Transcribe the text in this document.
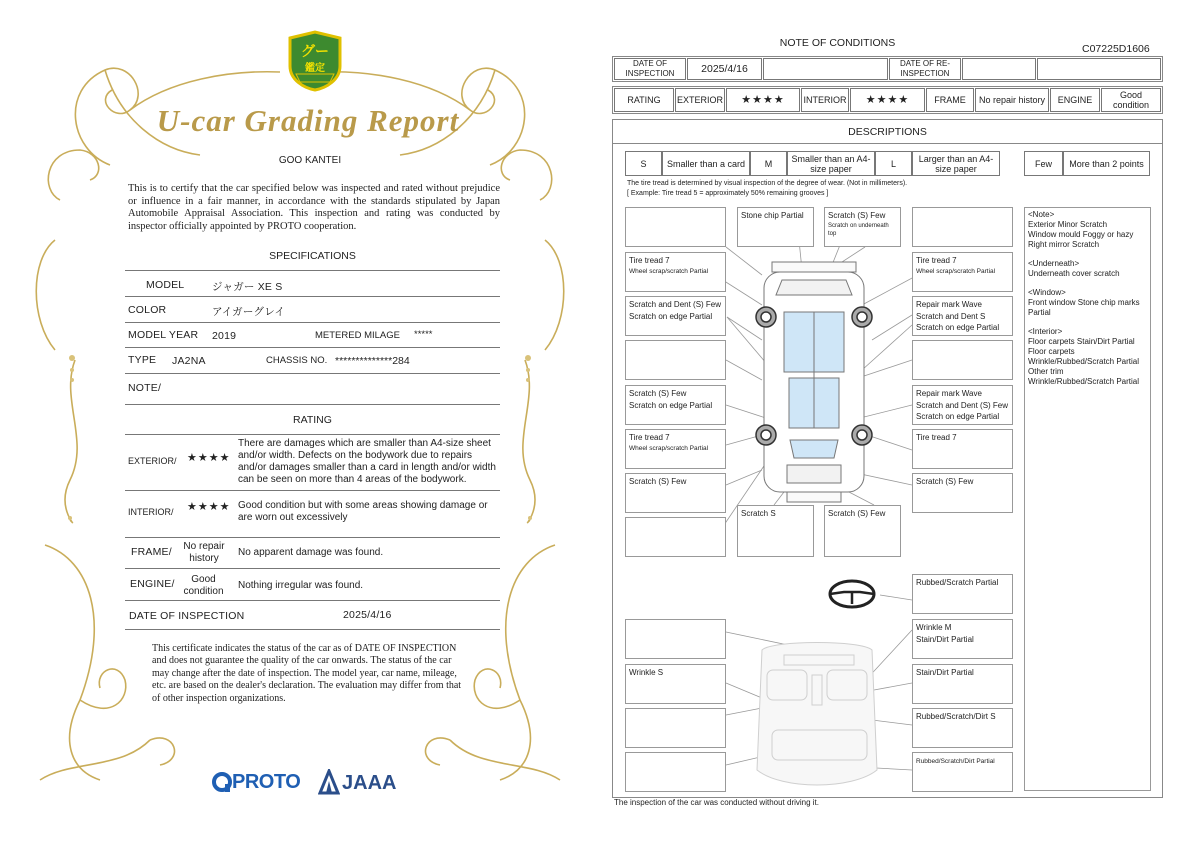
グー
鑑定
U-car Grading Report
GOO KANTEI
This is to certify that the car specified below was inspected and rated without prejudice or influence in a fair manner, in accordance with the standards stipulated by Japan Automobile Appraisal Association. This inspection and rating was conducted by inspector officially appointed by PROTO cooperation.
SPECIFICATIONS
MODEL	ジャガー XE S
COLOR	アイガーグレイ
MODEL YEAR 2019	METERED MILAGE *****
TYPE JA2NA	CHASSIS NO. **************284
NOTE/
RATING
EXTERIOR/ ★★★★
There are damages which are smaller than A4-size sheet and/or width. Defects on the bodywork due to repairs and/or damages smaller than a card in length and/or width can be seen on more than 4 areas of the bodywork.
INTERIOR/ ★★★★ Good condition but with some areas showing damage or are worn out excessively
FRAME/	No repair history
No apparent damage was found.
ENGINE/	Good condition
Nothing irregular was found.
DATE OF INSPECTION	2025/4/16
This certificate indicates the status of the car as of DATE OF INSPECTION and does not guarantee the quality of the car onwards. The status of the car may change after the date of inspection. The model year, car name, mileage, etc. are based on the dealer's declaration. The evaluation may differ from that of other inspection organizations.
PROTO JAAA
NOTE OF CONDITIONS	C07225D1606
DATE OF INSPECTION	2025/4/16	DATE OF RE-INSPECTION
RATING	EXTERIOR	★★★★	INTERIOR	★★★★	FRAME	No repair history	ENGINE	Good condition
DESCRIPTIONS
S	Smaller than a card	M	Smaller than an A4-size paper	L	Larger than an A4-size paper	Few	More than 2 points
The tire tread is determined by visual inspection of the degree of wear. (Not in millimeters).
[ Example: Tire tread 5 = approximately 50% remaining grooves ]
<Note>
Exterior Minor Scratch
Window mould Foggy or hazy
Right mirror Scratch
<Underneath>
Underneath cover scratch
<Window>
Front window Stone chip marks Partial
<Interior>
Floor carpets Stain/Dirt Partial
Floor carpets Wrinkle/Rubbed/Scratch Partial
Other trim Wrinkle/Rubbed/Scratch Partial
Stone chip Partial	Scratch (S) Few
Scratch on underneath top
Tire tread 7
Wheel scrap/scratch Partial
Tire tread 7
Wheel scrap/scratch Partial
Scratch and Dent (S) Few
Scratch on edge Partial
Repair mark Wave
Scratch and Dent S
Scratch on edge Partial
Scratch (S) Few
Scratch on edge Partial
Repair mark Wave
Scratch and Dent (S) Few
Scratch on edge Partial
Tire tread 7
Wheel scrap/scratch Partial
Tire tread 7
Scratch (S) Few	Scratch (S) Few
Scratch S	Scratch (S) Few
Rubbed/Scratch Partial
Wrinkle M
Stain/Dirt Partial
Wrinkle S	Stain/Dirt Partial
Rubbed/Scratch/Dirt S
Rubbed/Scratch/Dirt Partial
The inspection of the car was conducted without driving it.
